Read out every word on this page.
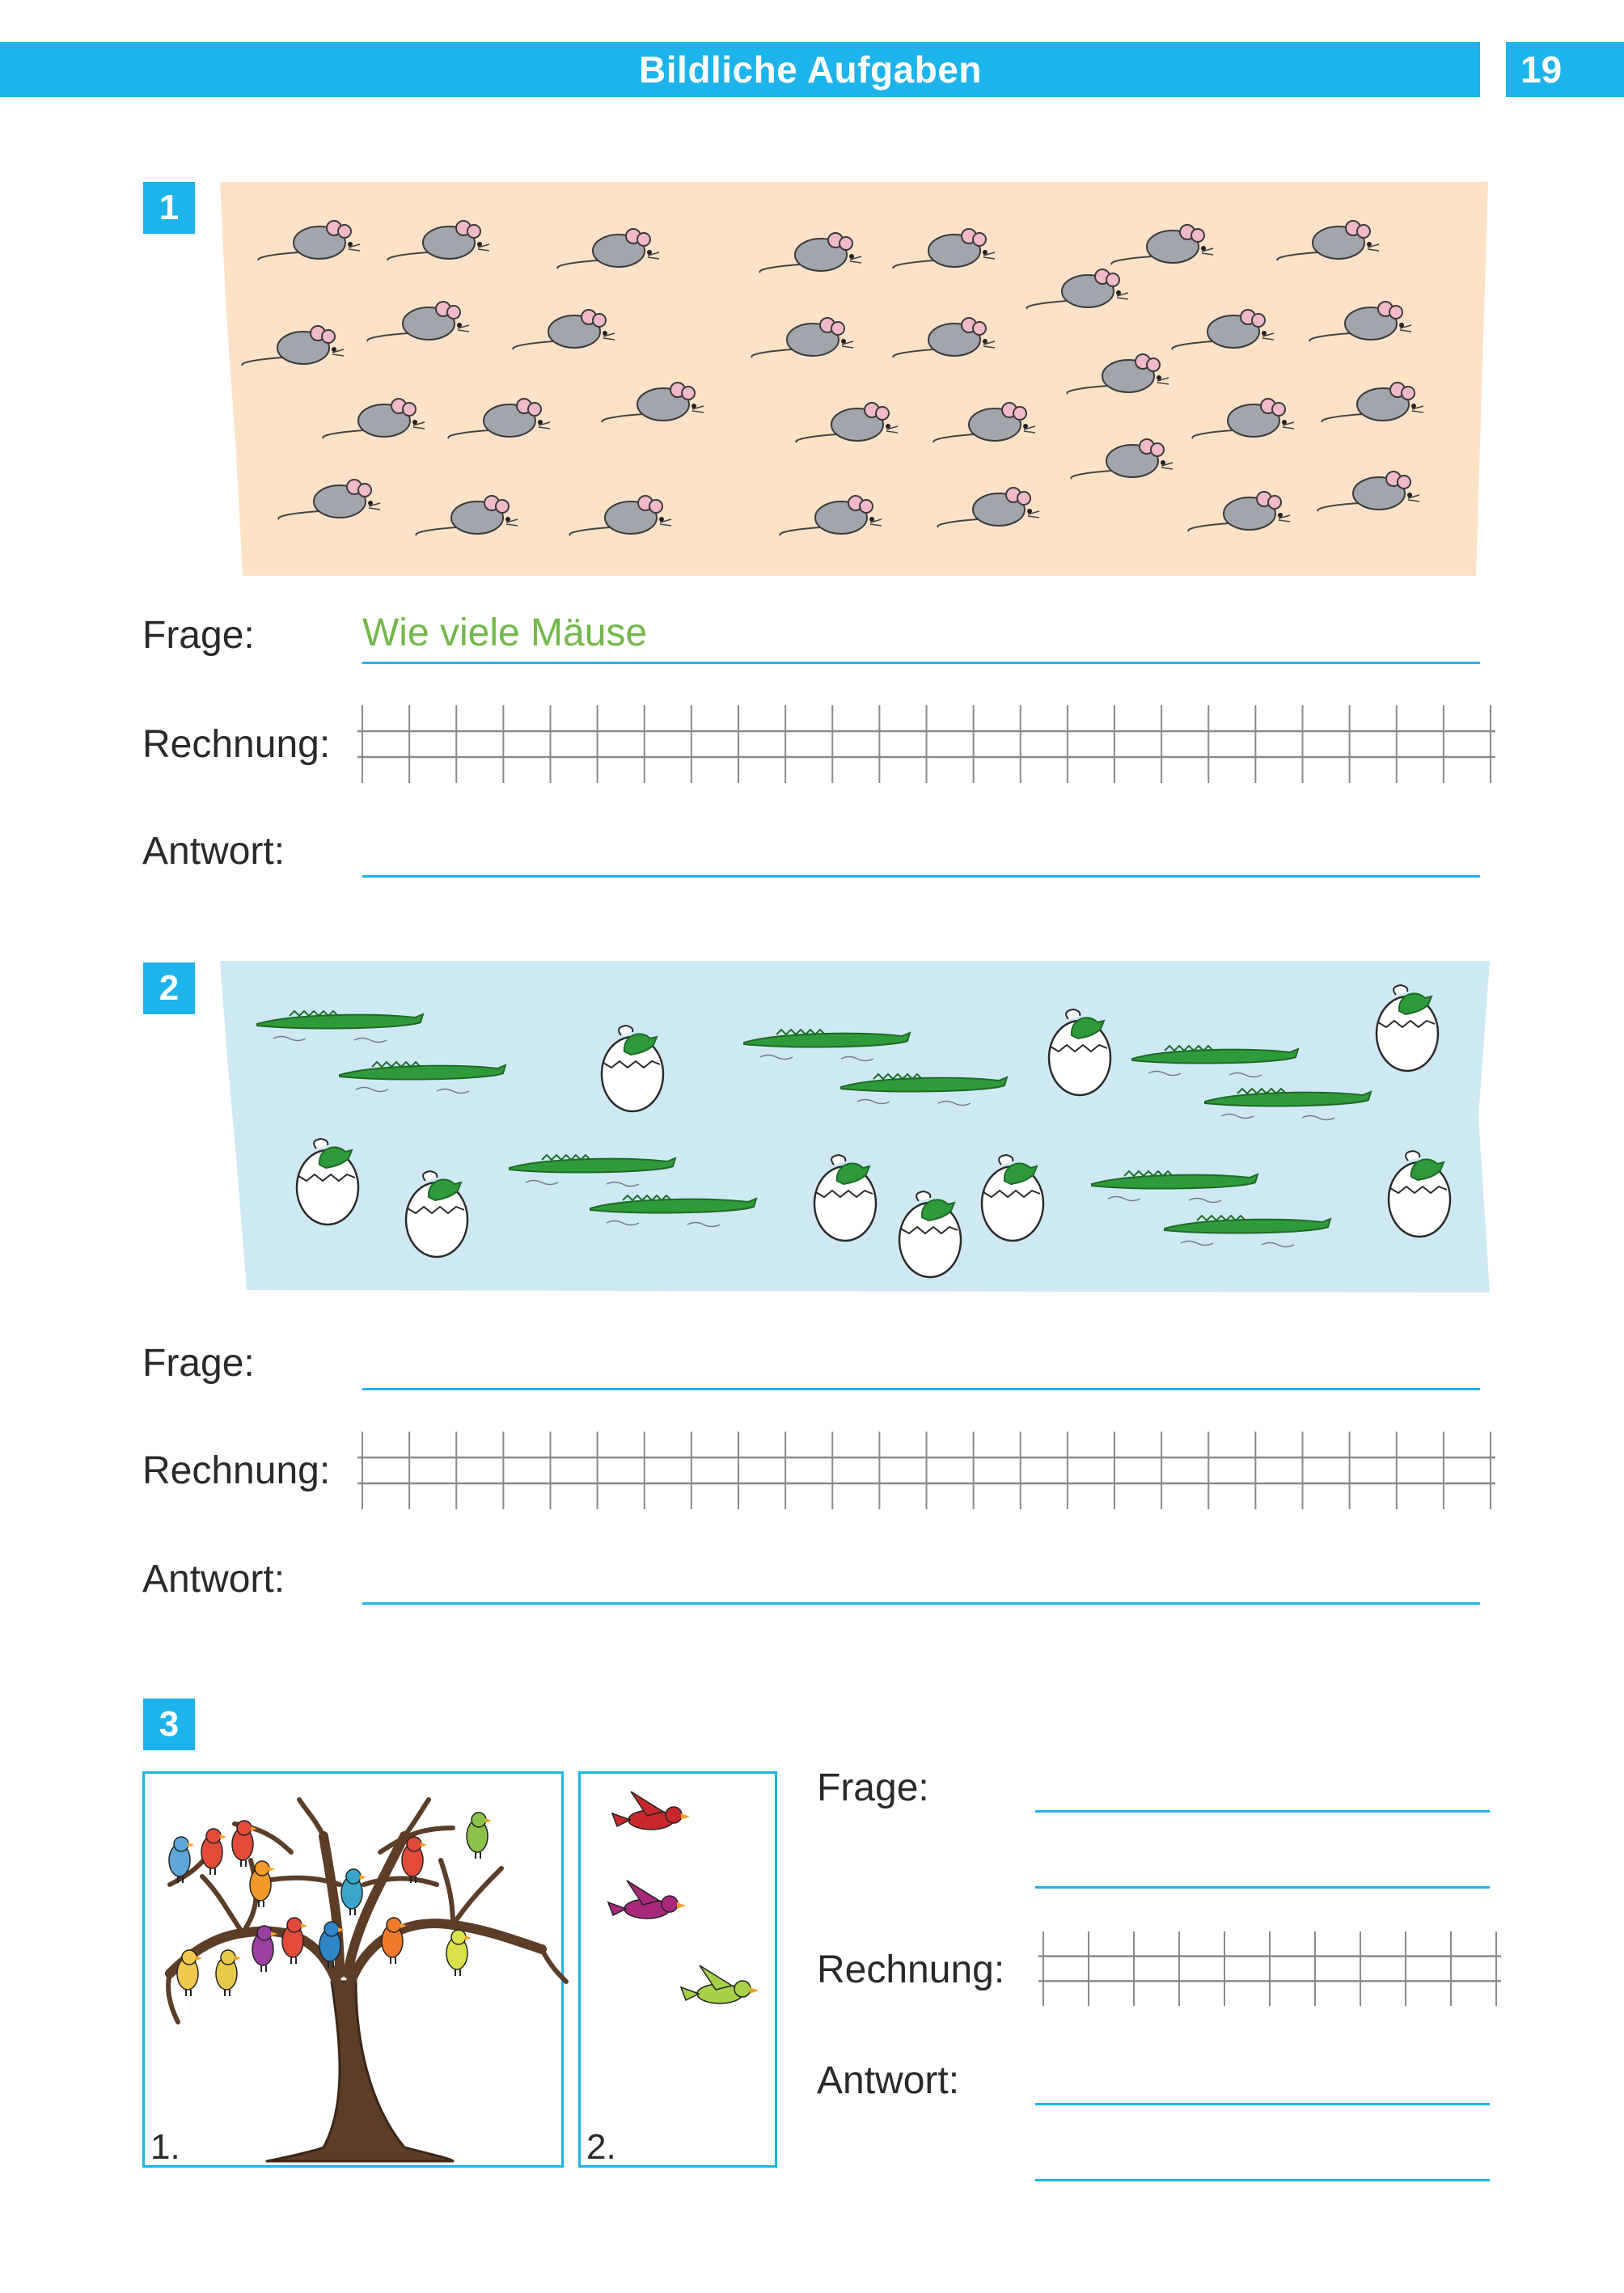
Bildliche Aufgaben	19
1
Frage:	Wie viele Mäuse
Rechnung:
Antwort:
2
Frage:
Rechnung:
Antwort:
3
1.	2.
Frage:
Rechnung:
Antwort:
